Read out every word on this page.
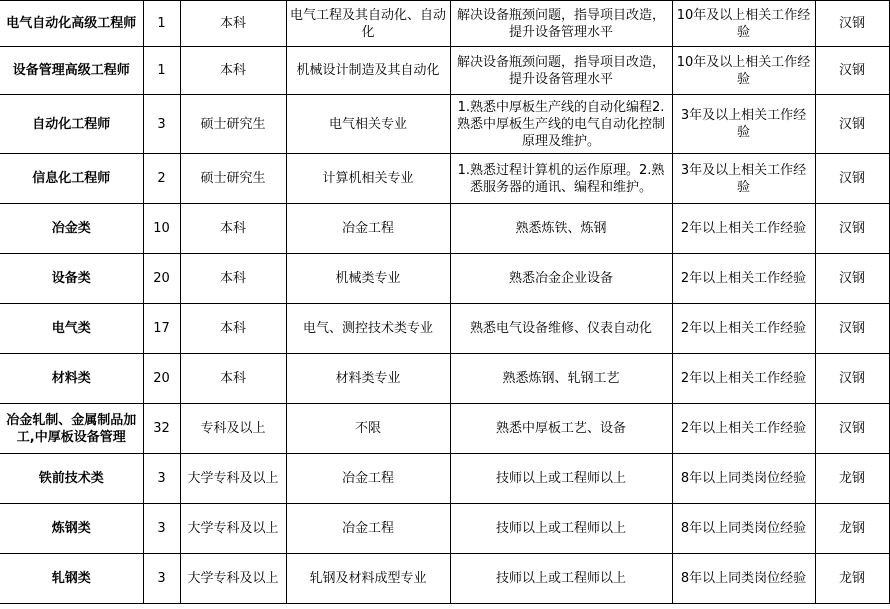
电气自动化高级工程师	1	本科	电气工程及其自动化、自动化	解决设备瓶颈问题，指导项目改造，提升设备管理水平	10年及以上相关工作经验	汉钢
设备管理高级工程师	1	本科	机械设计制造及其自动化	解决设备瓶颈问题，指导项目改造，提升设备管理水平	10年及以上相关工作经验	汉钢
自动化工程师	3	硕士研究生	电气相关专业	1.熟悉中厚板生产线的自动化编程2.熟悉中厚板生产线的电气自动化控制原理及维护。	3年及以上相关工作经验	汉钢
信息化工程师	2	硕士研究生	计算机相关专业	1.熟悉过程计算机的运作原理。2.熟悉服务器的通讯、编程和维护。	3年及以上相关工作经验	汉钢
冶金类	10	本科	冶金工程	熟悉炼铁、炼钢	2年以上相关工作经验	汉钢
设备类	20	本科	机械类专业	熟悉冶金企业设备	2年以上相关工作经验	汉钢
电气类	17	本科	电气、测控技术类专业	熟悉电气设备维修、仪表自动化	2年以上相关工作经验	汉钢
材料类	20	本科	材料类专业	熟悉炼钢、轧钢工艺	2年以上相关工作经验	汉钢
冶金轧制、金属制品加工,中厚板设备管理	32	专科及以上	不限	熟悉中厚板工艺、设备	2年以上相关工作经验	汉钢
铁前技术类	3	大学专科及以上	冶金工程	技师以上或工程师以上	8年以上同类岗位经验	龙钢
炼钢类	3	大学专科及以上	冶金工程	技师以上或工程师以上	8年以上同类岗位经验	龙钢
轧钢类	3	大学专科及以上	轧钢及材料成型专业	技师以上或工程师以上	8年以上同类岗位经验	龙钢
